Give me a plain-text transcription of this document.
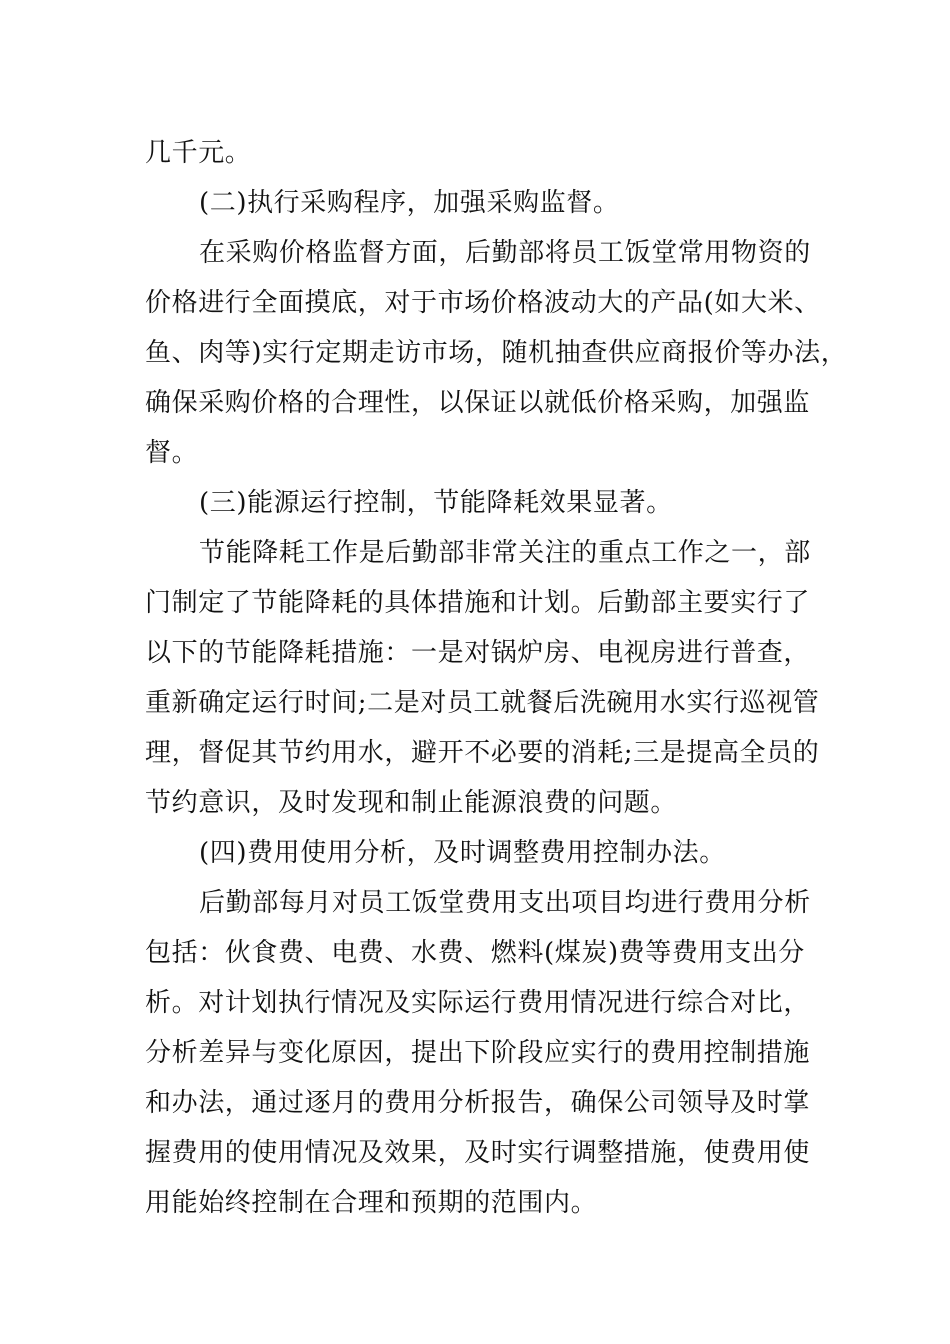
几千元。
(二)执行采购程序，加强采购监督。
在采购价格监督方面，后勤部将员工饭堂常用物资的
价格进行全面摸底，对于市场价格波动大的产品(如大米、
鱼、肉等)实行定期走访市场，随机抽查供应商报价等办法，
确保采购价格的合理性，以保证以就低价格采购，加强监
督。
(三)能源运行控制，节能降耗效果显著。
节能降耗工作是后勤部非常关注的重点工作之一，部
门制定了节能降耗的具体措施和计划。后勤部主要实行了
以下的节能降耗措施：一是对锅炉房、电视房进行普查，
重新确定运行时间;二是对员工就餐后洗碗用水实行巡视管
理，督促其节约用水，避开不必要的消耗;三是提高全员的
节约意识，及时发现和制止能源浪费的问题。
(四)费用使用分析，及时调整费用控制办法。
后勤部每月对员工饭堂费用支出项目均进行费用分析
包括：伙食费、电费、水费、燃料(煤炭)费等费用支出分
析。对计划执行情况及实际运行费用情况进行综合对比，
分析差异与变化原因，提出下阶段应实行的费用控制措施
和办法，通过逐月的费用分析报告，确保公司领导及时掌
握费用的使用情况及效果，及时实行调整措施，使费用使
用能始终控制在合理和预期的范围内。
